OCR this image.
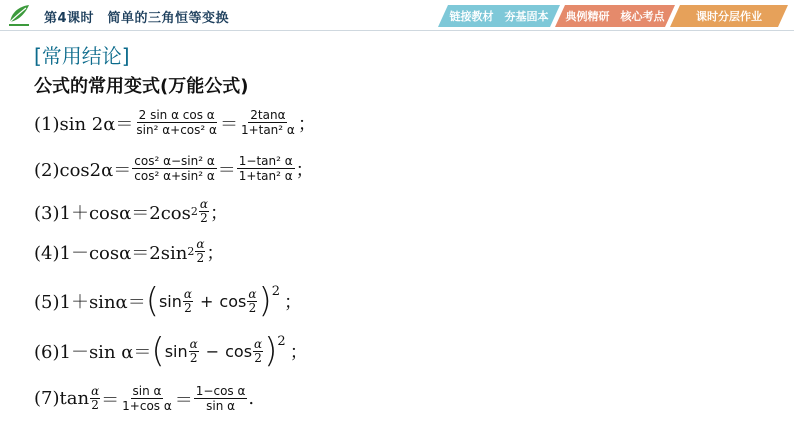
第4课时　简单的三角恒等变换	链接教材　夯基固本	典例精研　核心考点	课时分层作业
[常用结论]
公式的常用变式(万能公式)
(1)sin $2\alpha= \frac{\text{2 sin α cos α}}{\text{sin² α+cos² α}} = \frac{2\tan\alpha}{\text{1+tan² α}}$ ；
$(2)\cos 2\alpha= \frac{\text{cos² α−sin² α}}{\text{cos² α+sin² α}} = \frac{\text{1−tan² α}}{\text{1+tan² α}}$ ；
(3)1＋cosα＝2cos $2 \frac{\alpha}{2}$ ；
(4)1－cosα＝2sin $2 \frac{\alpha}{2}$ ；
(5)1＋sinα＝ ( $\sin \frac{\alpha}{2} + \cos \frac{\alpha}{2} )^2$
；
(6)1－sin α＝ ( $\sin \frac{\alpha}{2} - \cos \frac{\alpha}{2} )^2$
；
$(7)\tan \frac{\alpha}{2} = \frac{\text{sin α}}{\text{1+cos α}} = \frac{\text{1−cos α}}{\text{sin α}}$ .
